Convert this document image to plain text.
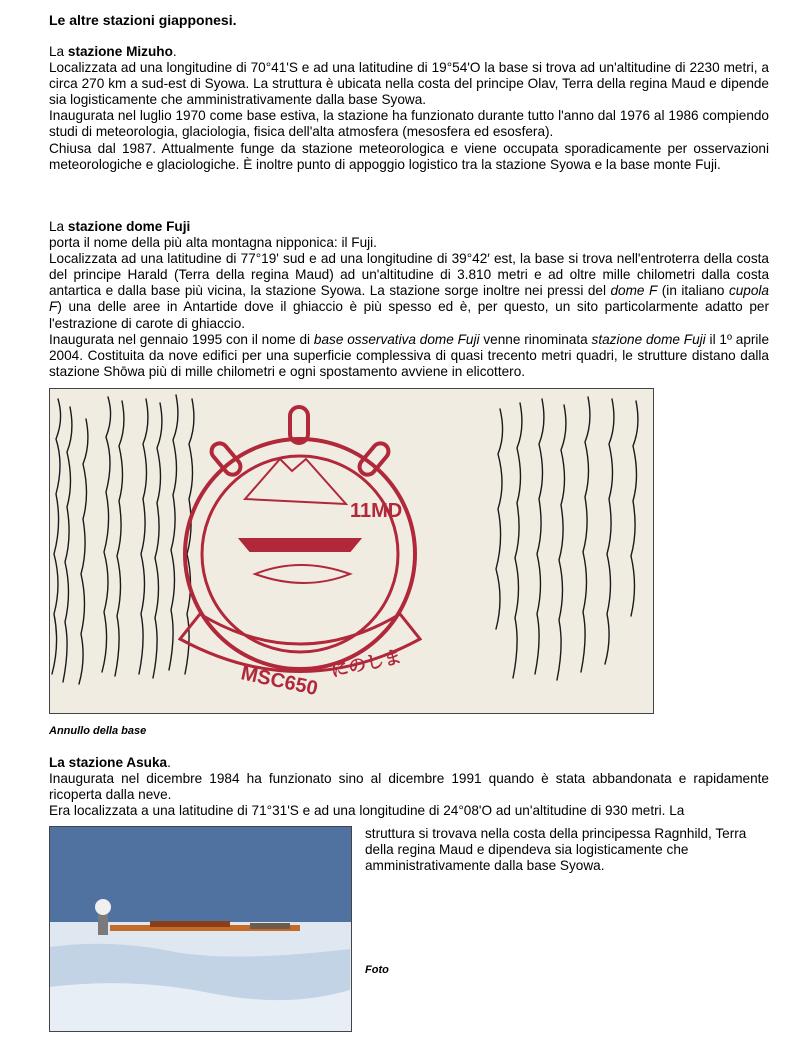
Le altre stazioni giapponesi.

La stazione Mizuho.

Localizzata ad una longitudine di 70°41'S e ad una latitudine di 19°54'O la base si trova ad un'altitudine di 2230 metri, a circa 270 km a sud-est di Syowa. La struttura è ubicata nella costa del principe Olav, Terra della regina Maud e dipende sia logisticamente che amministrativamente dalla base Syowa.

Inaugurata nel luglio 1970 come base estiva, la stazione ha funzionato durante tutto l'anno dal 1976 al 1986 compiendo studi di meteorologia, glaciologia, fisica dell'alta atmosfera (mesosfera ed esosfera).

Chiusa dal 1987. Attualmente funge da stazione meteorologica e viene occupata sporadicamente per osservazioni meteorologiche e glaciologiche. È inoltre punto di appoggio logistico tra la stazione Syowa e la base monte Fuji.

La stazione dome Fuji

porta il nome della più alta montagna nipponica: il Fuji.

Localizzata ad una latitudine di 77°19' sud e ad una longitudine di 39°42′ est, la base si trova nell'entroterra della costa del principe Harald (Terra della regina Maud) ad un'altitudine di 3.810 metri e ad oltre mille chilometri dalla costa antartica e dalla base più vicina, la stazione Syowa. La stazione sorge inoltre nei pressi del dome F (in italiano cupola F) una delle aree in Antartide dove il ghiaccio è più spesso ed è, per questo, un sito particolarmente adatto per l'estrazione di carote di ghiaccio.

Inaugurata nel gennaio 1995 con il nome di base osservativa dome Fuji venne rinominata stazione dome Fuji il 1º aprile 2004. Costituita da nove edifici per una superficie complessiva di quasi trecento metri quadri, le strutture distano dalla stazione Shōwa più di mille chilometri e ogni spostamento avviene in elicottero.

11MD
MSC650 にのしま
Annullo della base

La stazione Asuka.

Inaugurata nel dicembre 1984 ha funzionato sino al dicembre 1991 quando è stata abbandonata e rapidamente ricoperta dalla neve.

Era localizzata a una latitudine di 71°31'S e ad una longitudine di 24°08'O ad un'altitudine di 930 metri. La

struttura si trovava nella costa della principessa Ragnhild, Terra della regina Maud e dipendeva sia logisticamente che amministrativamente dalla base Syowa.
Foto
